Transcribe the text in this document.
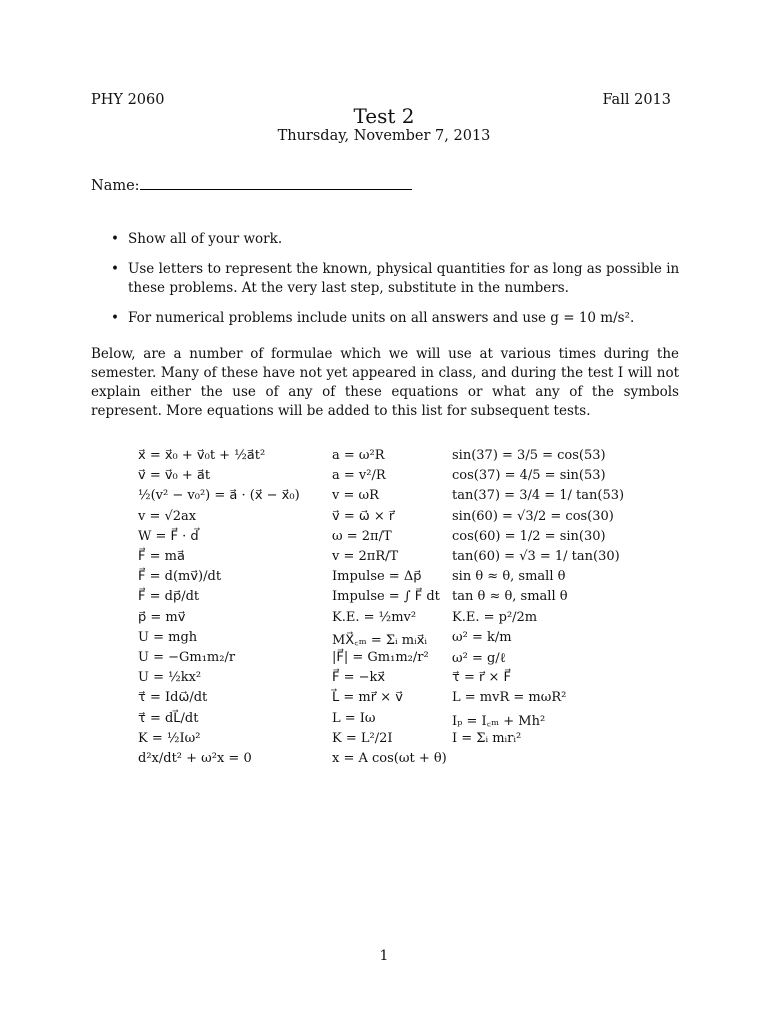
PHY 2060	Fall 2013
Test 2
Thursday, November 7, 2013
Name:
• Show all of your work.
• Use letters to represent the known, physical quantities for as long as possible in these problems. At the very last step, substitute in the numbers.
• For numerical problems include units on all answers and use g = 10 m/s².
Below, are a number of formulae which we will use at various times during the semester. Many of these have not yet appeared in class, and during the test I will not explain either the use of any of these equations or what any of the symbols represent. More equations will be added to this list for subsequent tests.
x⃗ = x⃗₀ + v⃗₀t + ½a⃗t²
v⃗ = v⃗₀ + a⃗t
½(v² − v₀²) = a⃗ · (x⃗ − x⃗₀)
v = √2ax
W = F⃗ · d⃗
F⃗ = ma⃗
F⃗ = d(mv⃗)/dt
F⃗ = dp⃗/dt
p⃗ = mv⃗
U = mgh
U = −Gm₁m₂/r
U = ½kx²
τ⃗ = Idω⃗/dt
τ⃗ = dL⃗/dt
K = ½Iω²
d²x/dt² + ω²x = 0
a = ω²R
a = v²/R
v = ωR
v⃗ = ω⃗ × r⃗
ω = 2π/T
v = 2πR/T
Impulse = Δp⃗
Impulse = ∫ F⃗ dt
K.E. = ½mv²
MX⃗꜀ₘ = Σᵢ mᵢx⃗ᵢ
|F⃗| = Gm₁m₂/r²
F⃗ = −kx⃗
L⃗ = mr⃗ × v⃗
L = Iω
K = L²/2I
x = A cos(ωt + θ)
sin(37) = 3/5 = cos(53)
cos(37) = 4/5 = sin(53)
tan(37) = 3/4 = 1/ tan(53)
sin(60) = √3/2 = cos(30)
cos(60) = 1/2 = sin(30)
tan(60) = √3 = 1/ tan(30)
sin θ ≈ θ, small θ
tan θ ≈ θ, small θ
K.E. = p²/2m
ω² = k/m
ω² = g/ℓ
τ⃗ = r⃗ × F⃗
L = mvR = mωR²
Iₚ = I꜀ₘ + Mh²
I = Σᵢ mᵢrᵢ²
1
